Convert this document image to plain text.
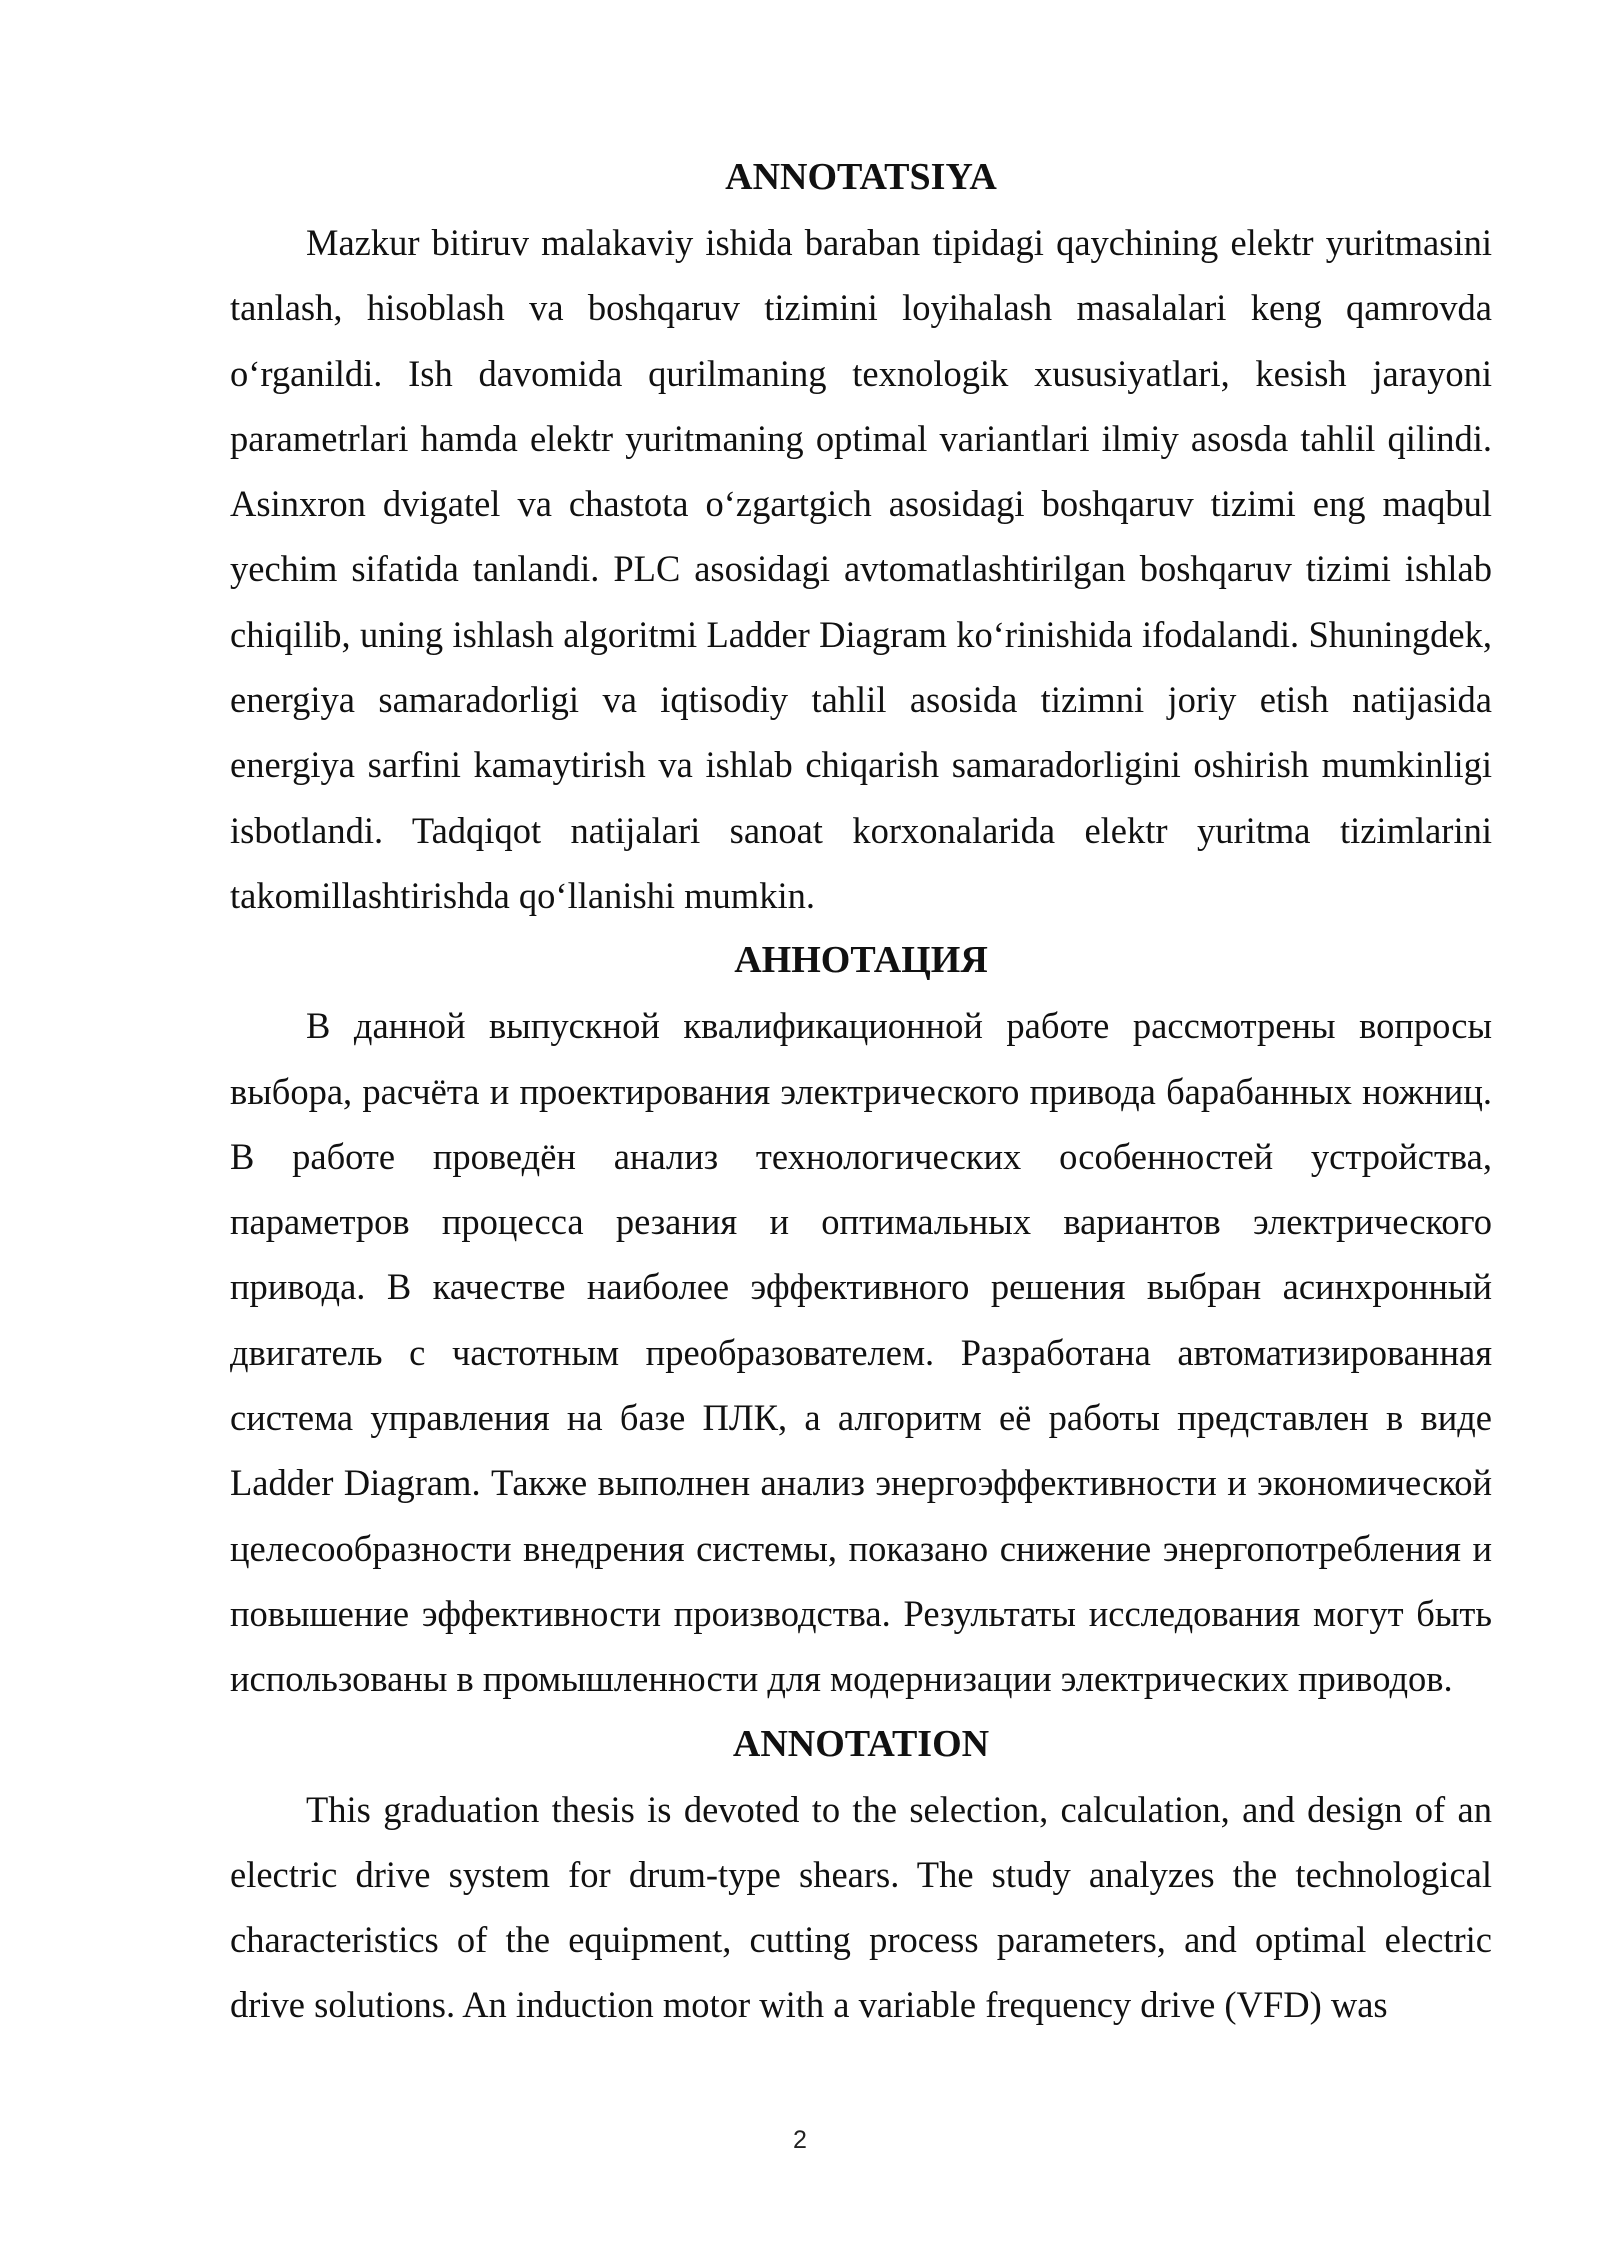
ANNOTATSIYA

Mazkur bitiruv malakaviy ishida baraban tipidagi qaychining elektr yuritmasini tanlash, hisoblash va boshqaruv tizimini loyihalash masalalari keng qamrovda o‘rganildi. Ish davomida qurilmaning texnologik xususiyatlari, kesish jarayoni parametrlari hamda elektr yuritmaning optimal variantlari ilmiy asosda tahlil qilindi. Asinxron dvigatel va chastota o‘zgartgich asosidagi boshqaruv tizimi eng maqbul yechim sifatida tanlandi. PLC asosidagi avtomatlashtirilgan boshqaruv tizimi ishlab chiqilib, uning ishlash algoritmi Ladder Diagram ko‘rinishida ifodalandi. Shuningdek, energiya samaradorligi va iqtisodiy tahlil asosida tizimni joriy etish natijasida energiya sarfini kamaytirish va ishlab chiqarish samaradorligini oshirish mumkinligi isbotlandi. Tadqiqot natijalari sanoat korxonalarida elektr yuritma tizimlarini takomillashtirishda qo‘llanishi mumkin.

АННОТАЦИЯ

В данной выпускной квалификационной работе рассмотрены вопросы выбора, расчёта и проектирования электрического привода барабанных ножниц. В работе проведён анализ технологических особенностей устройства, параметров процесса резания и оптимальных вариантов электрического привода. В качестве наиболее эффективного решения выбран асинхронный двигатель с частотным преобразователем. Разработана автоматизированная система управления на базе ПЛК, а алгоритм её работы представлен в виде Ladder Diagram. Также выполнен анализ энергоэффективности и экономической целесообразности внедрения системы, показано снижение энергопотребления и повышение эффективности производства. Результаты исследования могут быть использованы в промышленности для модернизации электрических приводов.

ANNOTATION

This graduation thesis is devoted to the selection, calculation, and design of an electric drive system for drum-type shears. The study analyzes the technological characteristics of the equipment, cutting process parameters, and optimal electric drive solutions. An induction motor with a variable frequency drive (VFD) was

2
